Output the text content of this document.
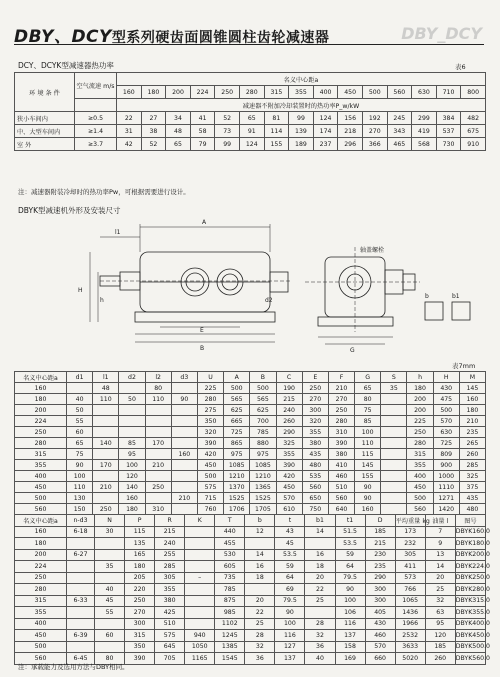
DBY、DCY型系列硬齿面圆锥圆柱齿轮减速器	DBY_DCY
DCY、DCYK型减速器热功率	表6
环 境 条 件	空气流速 m/s	名义中心距a														
		160	180	200	224	250	280	315	355	400	450	500	560	630	710	800
		减速器不附加冷却装置时的热功率P_w/kW														
狭小车间内	≥0.5	22	27	34	41	52	65	81	99	124	156	192	245	299	384	482
中、大型车间内	≥1.4	31	38	48	58	73	91	114	139	174	218	270	343	419	537	675
室 外	≥3.7	42	52	65	79	99	124	155	189	237	296	366	465	568	730	910
注：减速器附装冷却时的热功率Pw，可根据需要进行设计。
DBYK型减速机外形及安装尺寸
A
l1
H
h
E
B
d2
G
轴盖螺栓
b	b1
表7mm
名义中心距a	d1	l1	d2	l2	d3	U	A	B	C	E	F	G	S	h	H	M
160		48		80		225	500	500	190	250	210	65	35	180	430	145
180	40	110	50	110	90	280	565	565	215	270	270	80		200	475	160
200	50					275	625	625	240	300	250	75		200	500	180
224	55					350	665	700	260	320	280	85		225	570	210
250	60					320	725	785	290	355	310	100		250	630	235
280	65	140	85	170		390	865	880	325	380	390	110		280	725	265
315	75		95		160	420	975	975	355	435	380	115		315	809	260
355	90	170	100	210		450	1085	1085	390	480	410	145		355	900	285
400	100		120			500	1210	1210	420	535	460	155		400	1000	325
450	110	210	140	250		575	1370	1365	450	560	510	90		450	1110	375
500	130		160		210	715	1525	1525	570	650	560	90		500	1271	435
560	150	250	180	310		760	1706	1705	610	750	640	160		560	1420	480
名义中心距a	n-d3	N	P	R	K	T	b	t	b1	t1	D	平均重量 kg	油量 l	图号
160	6-18	30	115	215		440	12	43	14	51.5	185	173	7	DBYK160.0
180			135	240		455		45		53.5	215	232	9	DBYK180.0
200	6-27		165	255		530	14	53.5	16	59	230	305	13	DBYK200.0
224		35	180	285		605	16	59	18	64	235	411	14	DBYK224.0
250			205	305	–	735	18	64	20	79.5	290	573	20	DBYK250.0
280		40	220	355		785		69	22	90	300	766	25	DBYK280.0
315	6-33	45	250	380		875	20	79.5	25	100	300	1065	32	DBYK315.0
355		55	270	425		985	22	90		106	405	1436	63	DBYK355.0
400			300	510		1102	25	100	28	116	430	1966	95	DBYK400.0
450	6-39	60	315	575	940	1245	28	116	32	137	460	2532	120	DBYK450.0
500			350	645	1050	1385	32	127	36	158	570	3633	185	DBYK500.0
560	6-45	80	390	705	1165	1545	36	137	40	169	660	5020	260	DBYK560.0
注：承载能力及选用方法与DBY相同。
